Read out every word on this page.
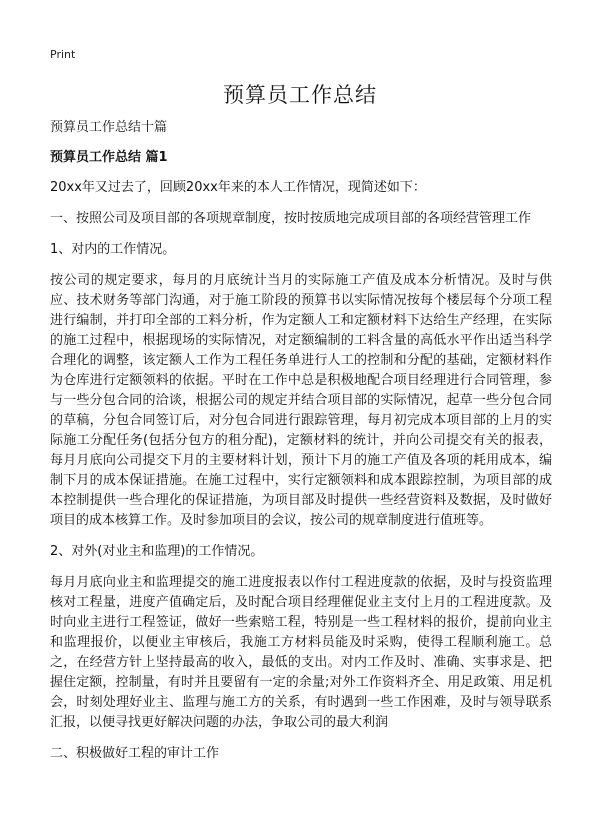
Print
预算员工作总结

预算员工作总结十篇

预算员工作总结 篇1

20xx年又过去了，回顾20xx年来的本人工作情况，现简述如下：

一、按照公司及项目部的各项规章制度，按时按质地完成项目部的各项经营管理工作

1、对内的工作情况。

按公司的规定要求，每月的月底统计当月的实际施工产值及成本分析情况。及时与供应、技术财务等部门沟通，对于施工阶段的预算书以实际情况按每个楼层每个分项工程进行编制，并打印全部的工料分析，作为定额人工和定额材料下达给生产经理，在实际的施工过程中，根据现场的实际情况，对定额编制的工料含量的高低水平作出适当科学合理化的调整，该定额人工作为工程任务单进行人工的控制和分配的基础，定额材料作为仓库进行定额领料的依据。平时在工作中总是积极地配合项目经理进行合同管理，参与一些分包合同的洽谈，根据公司的规定并结合项目部的实际情况，起草一些分包合同的草稿，分包合同签订后，对分包合同进行跟踪管理，每月初完成本项目部的上月的实际施工分配任务(包括分包方的租分配)，定额材料的统计，并向公司提交有关的报表，每月月底向公司提交下月的主要材料计划，预计下月的施工产值及各项的耗用成本，编制下月的成本保证措施。在施工过程中，实行定额领料和成本跟踪控制，为项目部的成本控制提供一些合理化的保证措施，为项目部及时提供一些经营资料及数据，及时做好项目的成本核算工作。及时参加项目的会议，按公司的规章制度进行值班等。

2、对外(对业主和监理)的工作情况。

每月月底向业主和监理提交的施工进度报表以作付工程进度款的依据，及时与投资监理核对工程量，进度产值确定后，及时配合项目经理催促业主支付上月的工程进度款。及时向业主进行工程签证，做好一些索赔工程，特别是一些工程材料的报价，提前向业主和监理报价，以便业主审核后，我施工方材料员能及时采购，使得工程顺利施工。总之，在经营方针上坚持最高的收入，最低的支出。对内工作及时、准确、实事求是、把握住定额，控制量，有时并且要留有一定的余量;对外工作资料齐全、用足政策、用足机会，时刻处理好业主、监理与施工方的关系，有时遇到一些工作困难，及时与领导联系汇报，以便寻找更好解决问题的办法，争取公司的最大利润

二、积极做好工程的审计工作
